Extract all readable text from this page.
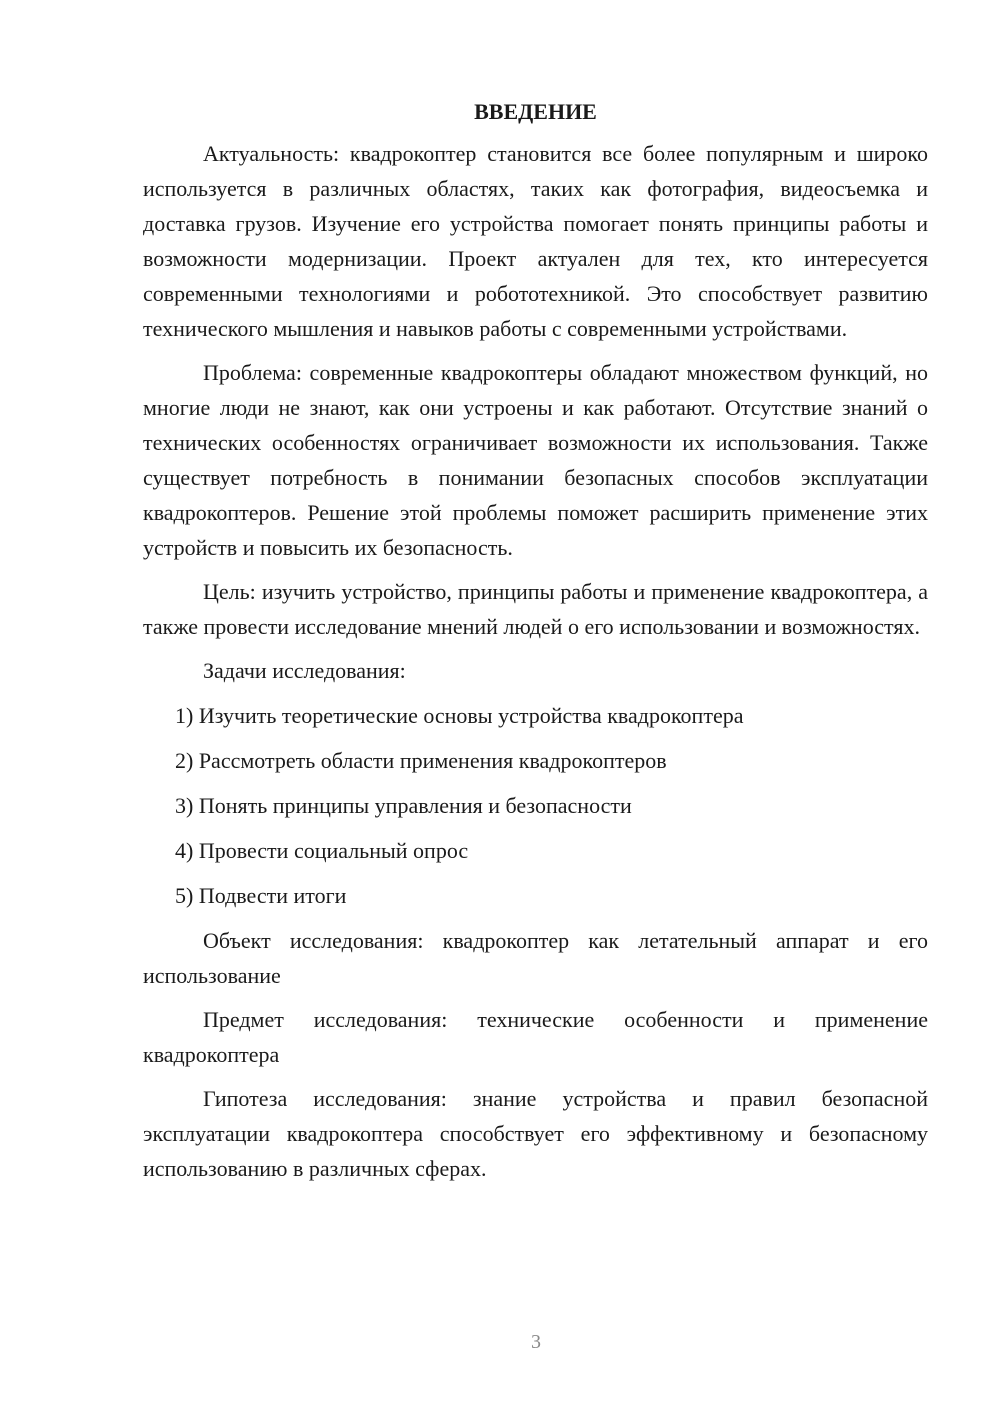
ВВЕДЕНИЕ

Актуальность: квадрокоптер становится все более популярным и широко используется в различных областях, таких как фотография, видеосъемка и доставка грузов. Изучение его устройства помогает понять принципы работы и возможности модернизации. Проект актуален для тех, кто интересуется современными технологиями и робототехникой. Это способствует развитию технического мышления и навыков работы с современными устройствами.

Проблема: современные квадрокоптеры обладают множеством функций, но многие люди не знают, как они устроены и как работают. Отсутствие знаний о технических особенностях ограничивает возможности их использования. Также существует потребность в понимании безопасных способов эксплуатации квадрокоптеров. Решение этой проблемы поможет расширить применение этих устройств и повысить их безопасность.

Цель: изучить устройство, принципы работы и применение квадрокоптера, а также провести исследование мнений людей о его использовании и возможностях.

Задачи исследования:

1) Изучить теоретические основы устройства квадрокоптера
2) Рассмотреть области применения квадрокоптеров
3) Понять принципы управления и безопасности
4) Провести социальный опрос
5) Подвести итоги

Объект исследования: квадрокоптер как летательный аппарат и его использование

Предмет исследования: технические особенности и применение квадрокоптера

Гипотеза исследования: знание устройства и правил безопасной эксплуатации квадрокоптера способствует его эффективному и безопасному использованию в различных сферах.

3
